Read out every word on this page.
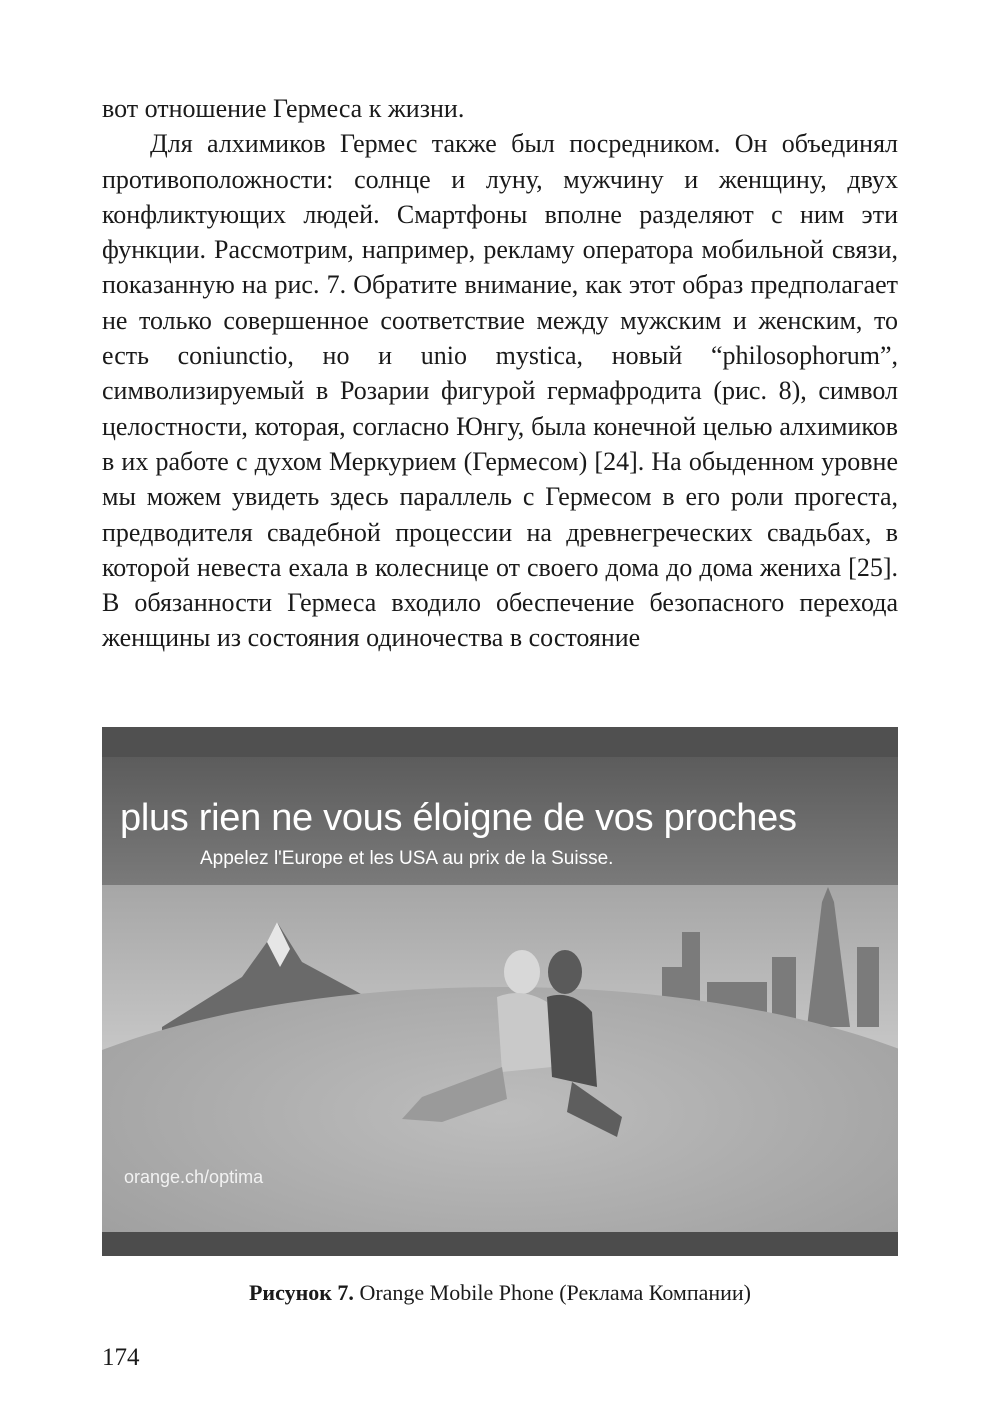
вот отношение Гермеса к жизни.

Для алхимиков Гермес также был посредником. Он объединял противоположности: солнце и луну, мужчину и женщину, двух конфликтующих людей. Смартфоны вполне разделяют с ним эти функции. Рассмотрим, например, рекламу оператора мобильной связи, показанную на рис. 7. Обратите внимание, как этот образ предполагает не только совершенное соответствие между мужским и женским, то есть coniunctio, но и unio mystica, новый “philosophorum”, символизируемый в Розарии фигурой гермафродита (рис. 8), символ целостности, которая, согласно Юнгу, была конечной целью алхимиков в их работе с духом Меркурием (Гермесом) [24]. На обыденном уровне мы можем увидеть здесь параллель с Гермесом в его роли прогеста, предводителя свадебной процессии на древнегреческих свадьбах, в которой невеста ехала в колеснице от своего дома до дома жениха [25]. В обязанности Гермеса входило обеспечение безопасного перехода женщины из состояния одиночества в состояние

plus rien ne vous éloigne de vos proches
Appelez l'Europe et les USA au prix de la Suisse.
orange.ch/optima
Рисунок 7. Orange Mobile Phone (Реклама Компании)
174
